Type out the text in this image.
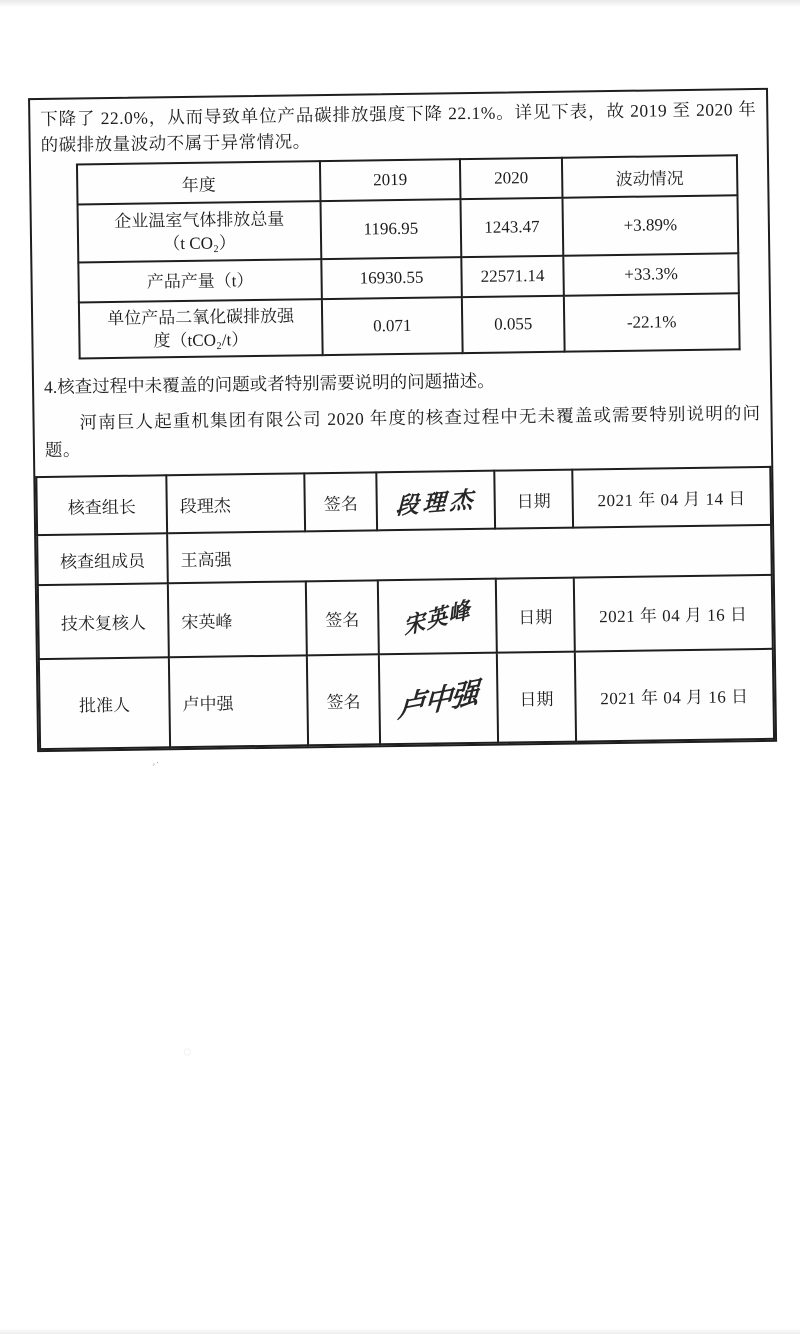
‚·
◌

下降了 22.0%，从而导致单位产品碳排放强度下降 22.1%。详见下表，故 2019 至 2020 年的碳排放量波动不属于异常情况。

年度	2019	2020	波动情况

企业温室气体排放总量
（t CO₂）	1196.95	1243.47	+3.89%

产品产量（t）	16930.55	22571.14	+33.3%

单位产品二氧化碳排放强
度（tCO₂/t）	0.071	0.055	-22.1%

4.核查过程中未覆盖的问题或者特别需要说明的问题描述。

河南巨人起重机集团有限公司 2020 年度的核查过程中无未覆盖或需要特别说明的问题。

核查组长	段理杰	签名	段理杰	日期	2021 年 04 月 14 日
核查组成员	王高强				
技术复核人	宋英峰	签名	宋英峰	日期	2021 年 04 月 16 日
批准人	卢中强	签名	卢中强	日期	2021 年 04 月 16 日
